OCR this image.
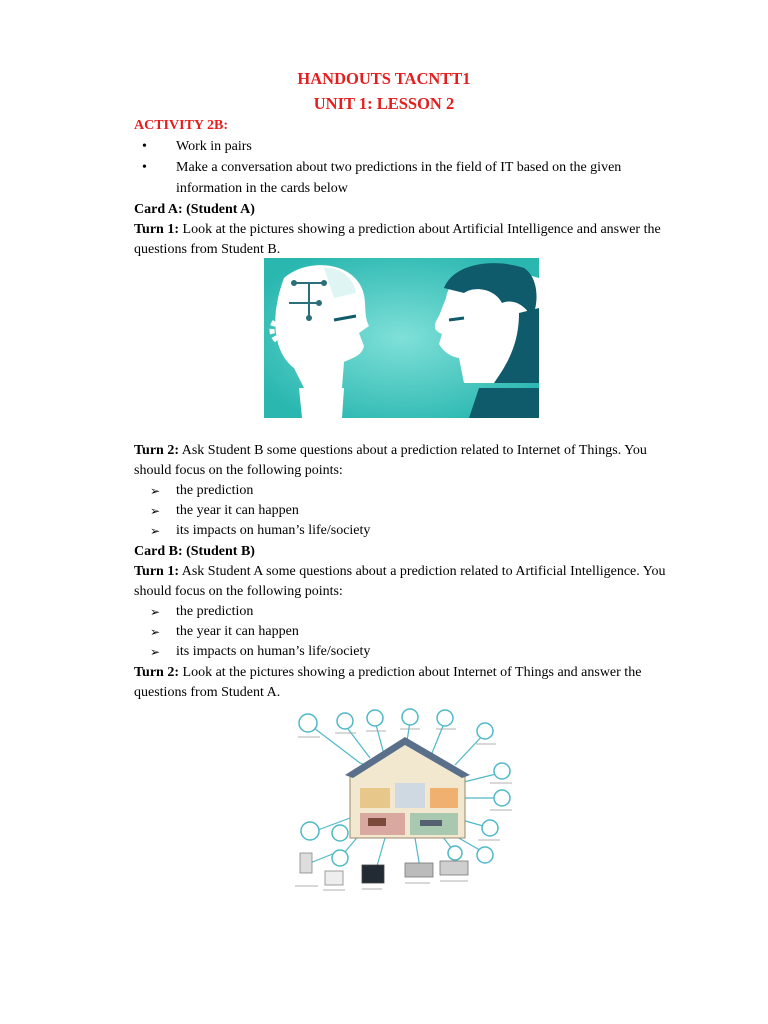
HANDOUTS TACNTT1
UNIT 1: LESSON 2
ACTIVITY 2B:
• Work in pairs
• Make a conversation about two predictions in the field of IT based on the given
information in the cards below
Card A: (Student A)
Turn 1: Look at the pictures showing a prediction about Artificial Intelligence and answer the
questions from Student B.
Turn 2: Ask Student B some questions about a prediction related to Internet of Things. You
should focus on the following points:
➢ the prediction
➢ the year it can happen
➢ its impacts on human’s life/society
Card B: (Student B)
Turn 1: Ask Student A some questions about a prediction related to Artificial Intelligence. You
should focus on the following points:
➢ the prediction
➢ the year it can happen
➢ its impacts on human’s life/society
Turn 2: Look at the pictures showing a prediction about Internet of Things and answer the
questions from Student A.
